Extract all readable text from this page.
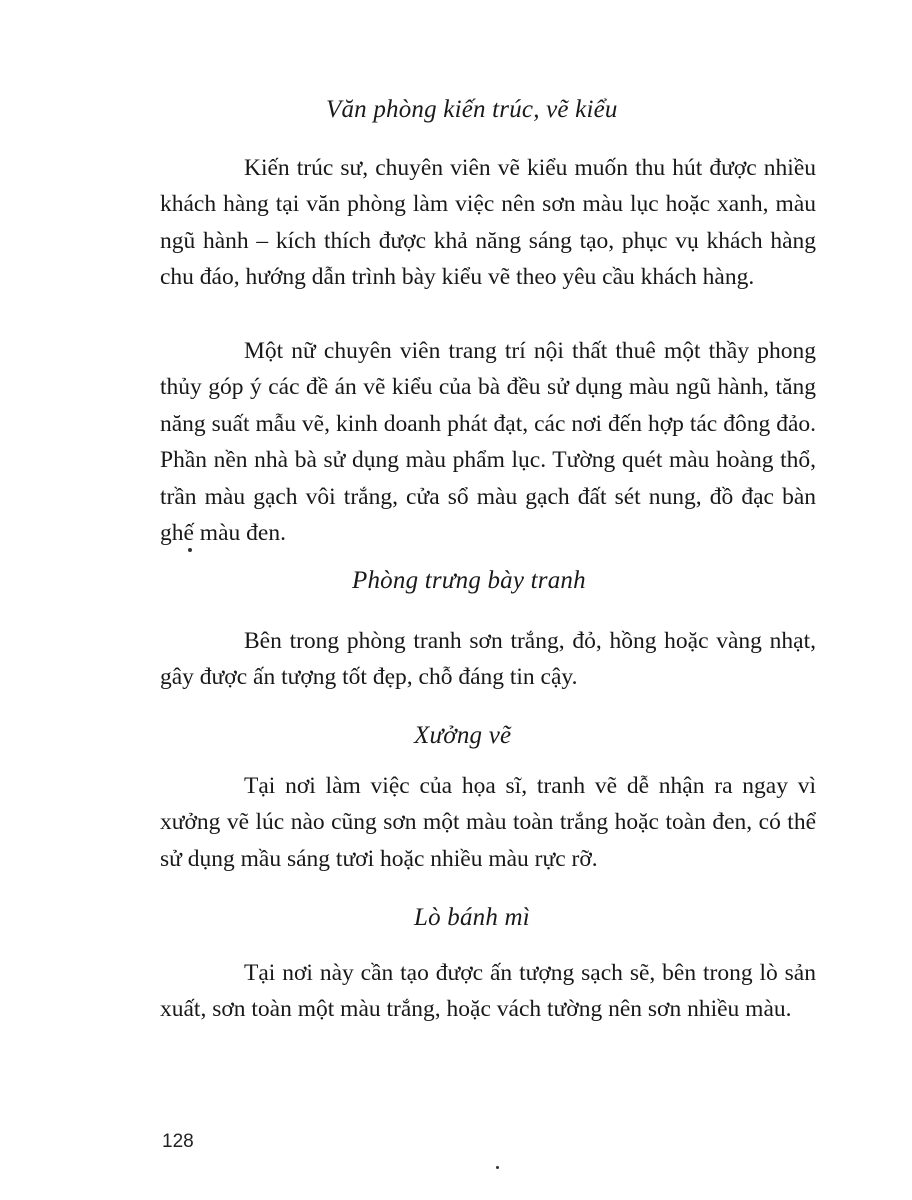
Văn phòng kiến trúc, vẽ kiểu

Kiến trúc sư, chuyên viên vẽ kiểu muốn thu hút được nhiều khách hàng tại văn phòng làm việc nên sơn màu lục hoặc xanh, màu ngũ hành – kích thích được khả năng sáng tạo, phục vụ khách hàng chu đáo, hướng dẫn trình bày kiểu vẽ theo yêu cầu khách hàng.

Một nữ chuyên viên trang trí nội thất thuê một thầy phong thủy góp ý các đề án vẽ kiểu của bà đều sử dụng màu ngũ hành, tăng năng suất mẫu vẽ, kinh doanh phát đạt, các nơi đến hợp tác đông đảo. Phần nền nhà bà sử dụng màu phẩm lục. Tường quét màu hoàng thổ, trần màu gạch vôi trắng, cửa sổ màu gạch đất sét nung, đồ đạc bàn ghế màu đen.

Phòng trưng bày tranh

Bên trong phòng tranh sơn trắng, đỏ, hồng hoặc vàng nhạt, gây được ấn tượng tốt đẹp, chỗ đáng tin cậy.

Xưởng vẽ

Tại nơi làm việc của họa sĩ, tranh vẽ dễ nhận ra ngay vì xưởng vẽ lúc nào cũng sơn một màu toàn trắng hoặc toàn đen, có thể sử dụng mầu sáng tươi hoặc nhiều màu rực rỡ.

Lò bánh mì

Tại nơi này cần tạo được ấn tượng sạch sẽ, bên trong lò sản xuất, sơn toàn một màu trắng, hoặc vách tường nên sơn nhiều màu.

128
